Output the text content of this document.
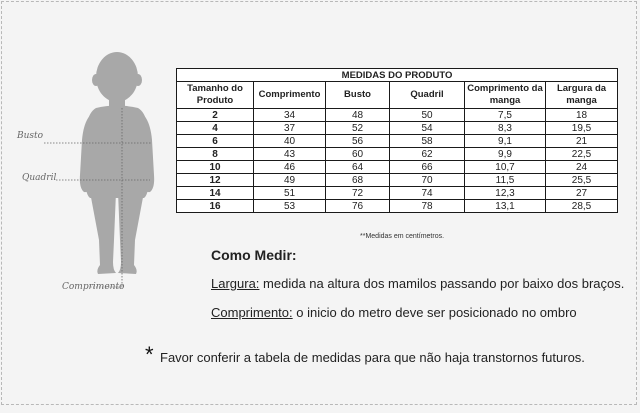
Busto
Quadril
Comprimento
MEDIDAS DO PRODUTO					
Tamanho do Produto	Comprimento	Busto	Quadril	Comprimento da manga	Largura da manga
2	34	48	50	7,5	18
4	37	52	54	8,3	19,5
6	40	56	58	9,1	21
8	43	60	62	9,9	22,5
10	46	64	66	10,7	24
12	49	68	70	11,5	25,5
14	51	72	74	12,3	27
16	53	76	78	13,1	28,5
**Medidas em centímetros.
Como Medir:
Largura: medida na altura dos mamilos passando por baixo dos braços.
Comprimento: o inicio do metro deve ser posicionado no ombro
* Favor conferir a tabela de medidas para que não haja transtornos futuros.
